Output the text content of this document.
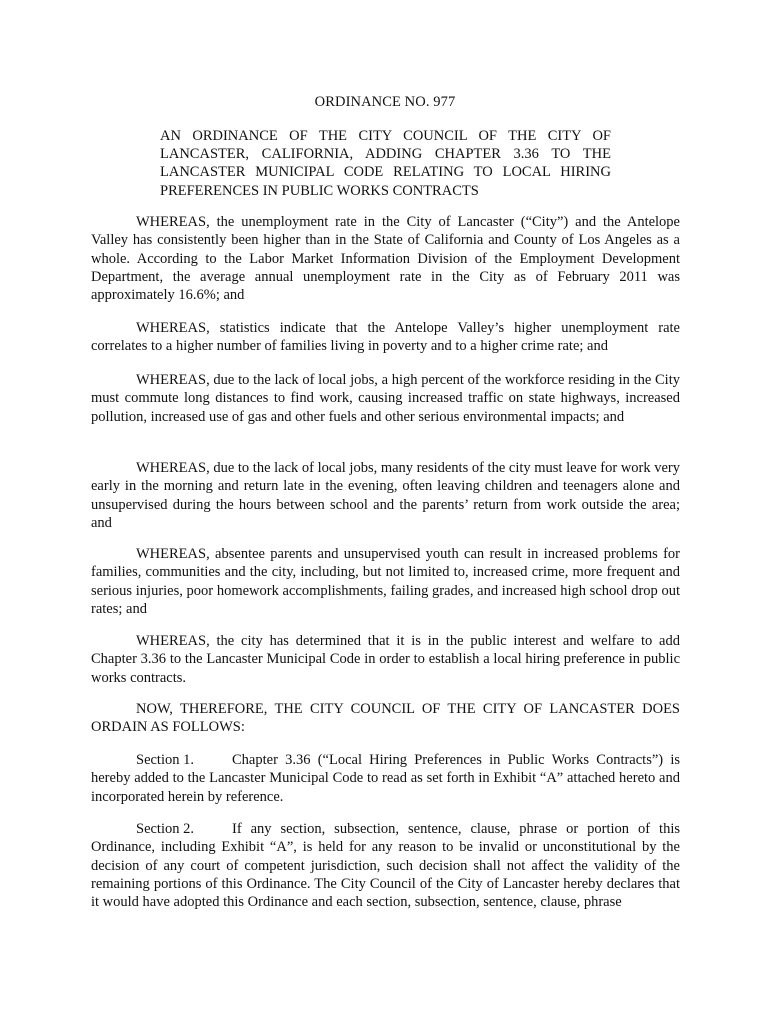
ORDINANCE NO. 977
AN ORDINANCE OF THE CITY COUNCIL OF THE CITY OF LANCASTER, CALIFORNIA, ADDING CHAPTER 3.36 TO THE LANCASTER MUNICIPAL CODE RELATING TO LOCAL HIRING PREFERENCES IN PUBLIC WORKS CONTRACTS

WHEREAS, the unemployment rate in the City of Lancaster (“City”) and the Antelope Valley has consistently been higher than in the State of California and County of Los Angeles as a whole. According to the Labor Market Information Division of the Employment Development Department, the average annual unemployment rate in the City as of February 2011 was approximately 16.6%; and

WHEREAS, statistics indicate that the Antelope Valley’s higher unemployment rate correlates to a higher number of families living in poverty and to a higher crime rate; and

WHEREAS, due to the lack of local jobs, a high percent of the workforce residing in the City must commute long distances to find work, causing increased traffic on state highways, increased pollution, increased use of gas and other fuels and other serious environmental impacts; and

WHEREAS, due to the lack of local jobs, many residents of the city must leave for work very early in the morning and return late in the evening, often leaving children and teenagers alone and unsupervised during the hours between school and the parents’ return from work outside the area; and

WHEREAS, absentee parents and unsupervised youth can result in increased problems for families, communities and the city, including, but not limited to, increased crime, more frequent and serious injuries, poor homework accomplishments, failing grades, and increased high school drop out rates; and

WHEREAS, the city has determined that it is in the public interest and welfare to add Chapter 3.36 to the Lancaster Municipal Code in order to establish a local hiring preference in public works contracts.

NOW, THEREFORE, THE CITY COUNCIL OF THE CITY OF LANCASTER DOES ORDAIN AS FOLLOWS:

Section 1.	Chapter 3.36 (“Local Hiring Preferences in Public Works Contracts”) is hereby added to the Lancaster Municipal Code to read as set forth in Exhibit “A” attached hereto and incorporated herein by reference.

Section 2.	If any section, subsection, sentence, clause, phrase or portion of this Ordinance, including Exhibit “A”, is held for any reason to be invalid or unconstitutional by the decision of any court of competent jurisdiction, such decision shall not affect the validity of the remaining portions of this Ordinance. The City Council of the City of Lancaster hereby declares that it would have adopted this Ordinance and each section, subsection, sentence, clause, phrase
